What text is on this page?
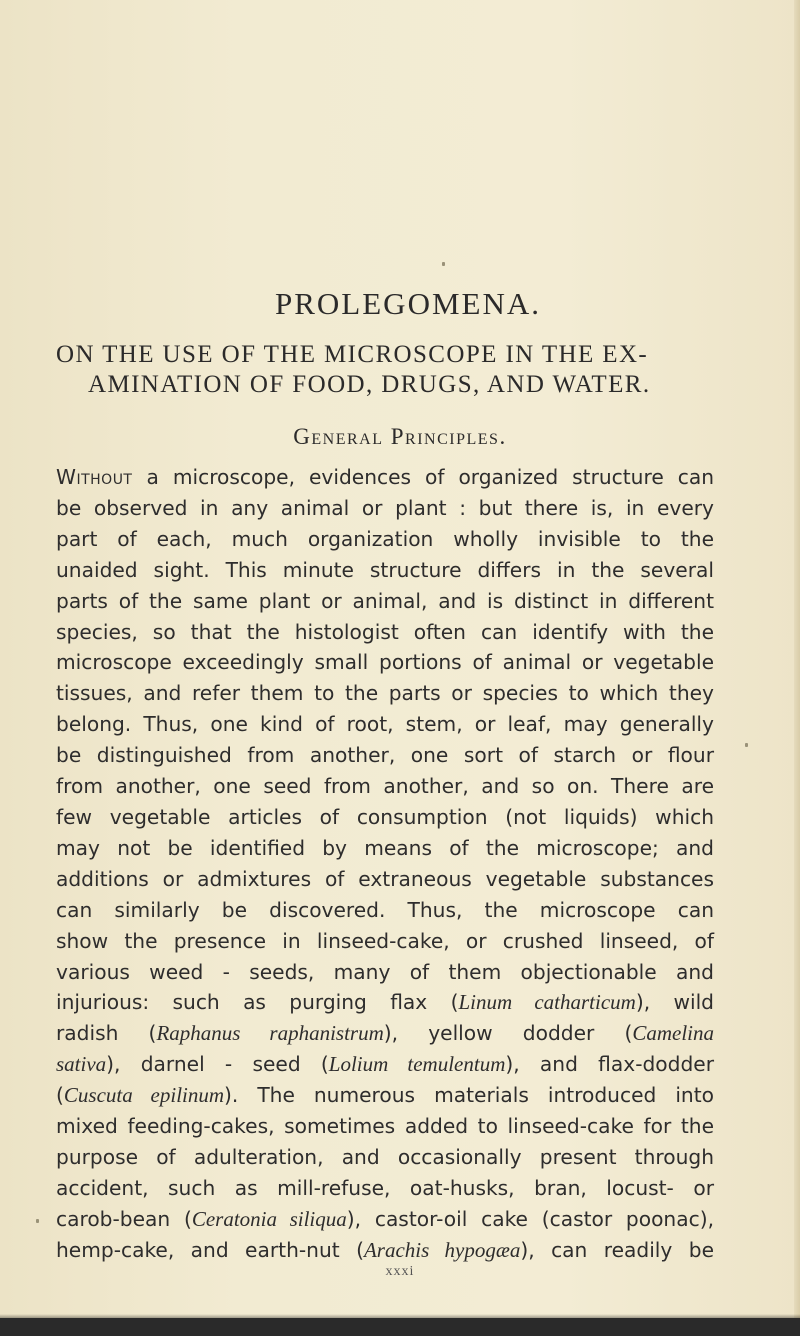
PROLEGOMENA.
ON THE USE OF THE MICROSCOPE IN THE EX-
AMINATION OF FOOD, DRUGS, AND WATER.
General Principles.
Without a microscope, evidences of organized structure can
be observed in any animal or plant : but there is, in every
part of each, much organization wholly invisible to the
unaided sight. This minute structure differs in the several
parts of the same plant or animal, and is distinct in different
species, so that the histologist often can identify with the
microscope exceedingly small portions of animal or vegetable
tissues, and refer them to the parts or species to which they
belong. Thus, one kind of root, stem, or leaf, may generally
be distinguished from another, one sort of starch or flour
from another, one seed from another, and so on. There are
few vegetable articles of consumption (not liquids) which
may not be identified by means of the microscope; and
additions or admixtures of extraneous vegetable substances
can similarly be discovered. Thus, the microscope can
show the presence in linseed-cake, or crushed linseed, of
various weed - seeds, many of them objectionable and
injurious: such as purging flax (Linum catharticum), wild
radish (Raphanus raphanistrum), yellow dodder (Camelina
sativa), darnel - seed (Lolium temulentum), and flax-dodder
(Cuscuta epilinum). The numerous materials introduced into
mixed feeding-cakes, sometimes added to linseed-cake for the
purpose of adulteration, and occasionally present through
accident, such as mill-refuse, oat-husks, bran, locust- or
carob-bean (Ceratonia siliqua), castor-oil cake (castor poonac),
hemp-cake, and earth-nut (Arachis hypogæa), can readily be
xxxi
